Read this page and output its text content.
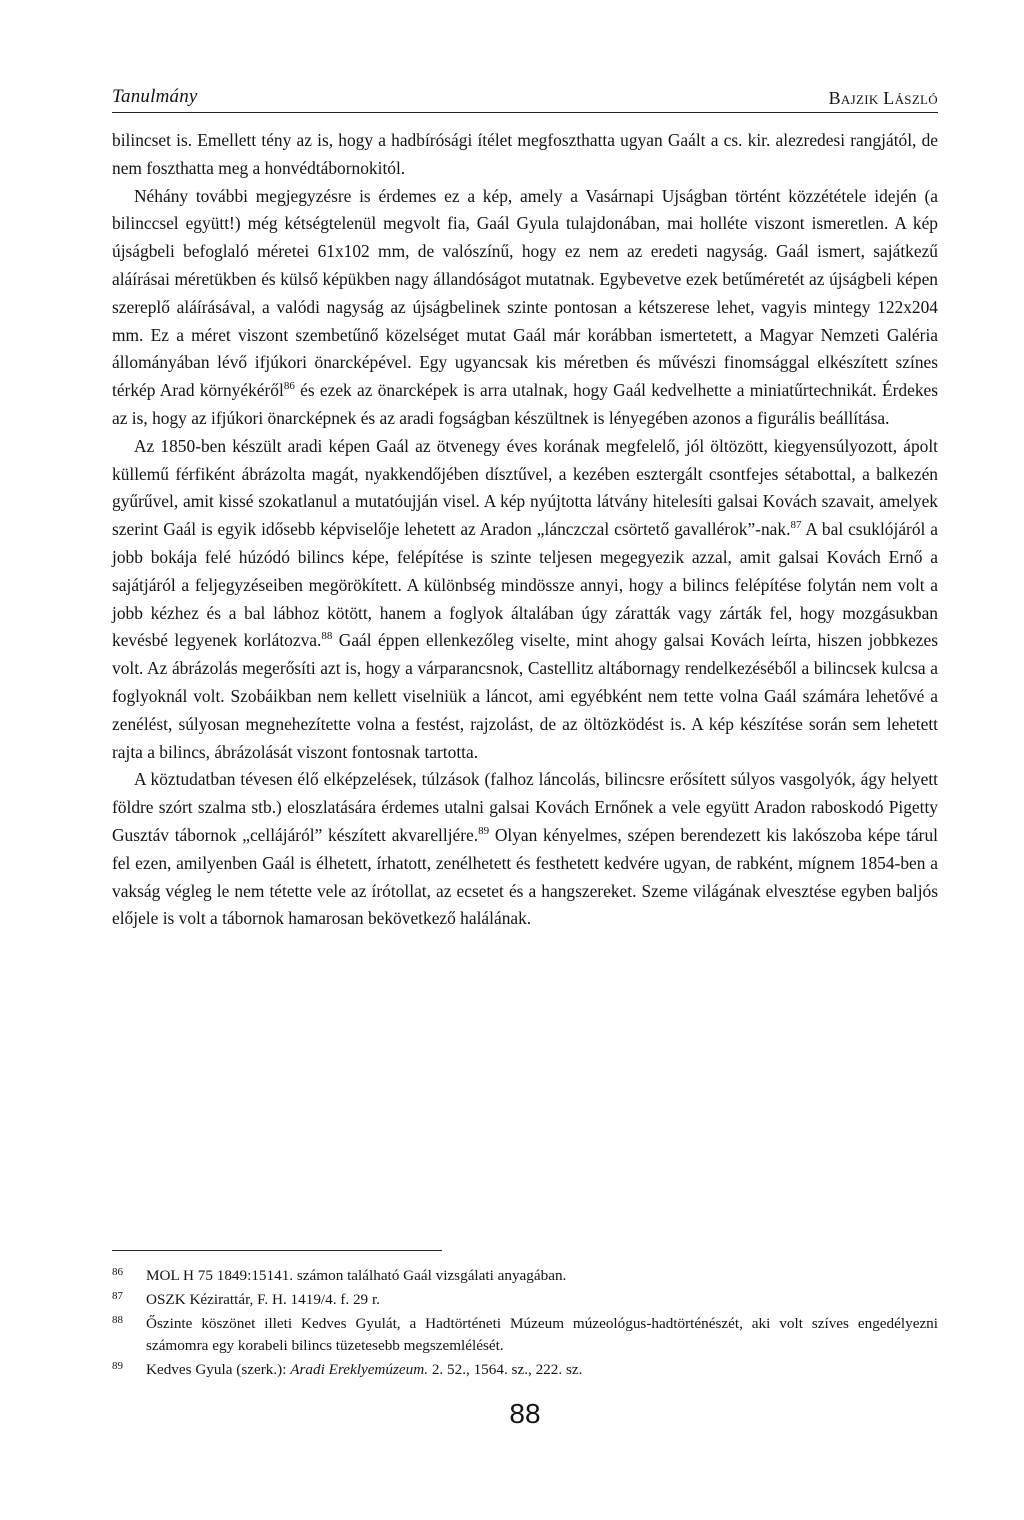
Tanulmány	Bajzik László

bilincset is. Emellett tény az is, hogy a hadbírósági ítélet megfoszthatta ugyan Gaált a cs. kir. alezredesi rangjától, de nem foszthatta meg a honvédtábornokitól.

Néhány további megjegyzésre is érdemes ez a kép, amely a Vasárnapi Ujságban történt közzététele idején (a bilinccsel együtt!) még kétségtelenül megvolt fia, Gaál Gyula tulajdonában, mai holléte viszont ismeretlen. A kép újságbeli befoglaló méretei 61x102 mm, de valószínű, hogy ez nem az eredeti nagyság. Gaál ismert, sajátkezű aláírásai méretükben és külső képükben nagy állandóságot mutatnak. Egybevetve ezek betűméretét az újságbeli képen szereplő aláírásával, a valódi nagyság az újságbelinek szinte pontosan a kétszerese lehet, vagyis mintegy 122x204 mm. Ez a méret viszont szembetűnő közelséget mutat Gaál már korábban ismertetett, a Magyar Nemzeti Galéria állományában lévő ifjúkori önarcképével. Egy ugyancsak kis méretben és művészi finomsággal elkészített színes térkép Arad környékéről$^{86}$ és ezek az önarcképek is arra utalnak, hogy Gaál kedvelhette a miniatűrtechnikát. Érdekes az is, hogy az ifjúkori önarcképnek és az aradi fogságban készültnek is lényegében azonos a figurális beállítása.

Az 1850-ben készült aradi képen Gaál az ötvenegy éves korának megfelelő, jól öltözött, kiegyensúlyozott, ápolt küllemű férfiként ábrázolta magát, nyakkendőjében dísztűvel, a kezében esztergált csontfejes sétabottal, a balkezén gyűrűvel, amit kissé szokatlanul a mutatóujján visel. A kép nyújtotta látvány hitelesíti galsai Kovách szavait, amelyek szerint Gaál is egyik idősebb képviselője lehetett az Aradon „lánczczal csörtető gavallérok”-nak.$^{87}$ A bal csuklójáról a jobb bokája felé húzódó bilincs képe, felépítése is szinte teljesen megegyezik azzal, amit galsai Kovách Ernő a sajátjáról a feljegyzéseiben megörökített. A különbség mindössze annyi, hogy a bilincs felépítése folytán nem volt a jobb kézhez és a bal lábhoz kötött, hanem a foglyok általában úgy záratták vagy zárták fel, hogy mozgásukban kevésbé legyenek korlátozva.$^{88}$ Gaál éppen ellenkezőleg viselte, mint ahogy galsai Kovách leírta, hiszen jobbkezes volt. Az ábrázolás megerősíti azt is, hogy a várparancsnok, Castellitz altábornagy rendelkezéséből a bilincsek kulcsa a foglyoknál volt. Szobáikban nem kellett viselniük a láncot, ami egyébként nem tette volna Gaál számára lehetővé a zenélést, súlyosan megnehezítette volna a festést, rajzolást, de az öltözködést is. A kép készítése során sem lehetett rajta a bilincs, ábrázolását viszont fontosnak tartotta.

A köztudatban tévesen élő elképzelések, túlzások (falhoz láncolás, bilincsre erősített súlyos vasgolyók, ágy helyett földre szórt szalma stb.) eloszlatására érdemes utalni galsai Kovách Ernőnek a vele együtt Aradon raboskodó Pigetty Gusztáv tábornok „cellájáról” készített akvarelljére.$^{89}$ Olyan kényelmes, szépen berendezett kis lakószoba képe tárul fel ezen, amilyenben Gaál is élhetett, írhatott, zenélhetett és festhetett kedvére ugyan, de rabként, mígnem 1854-ben a vakság végleg le nem tétette vele az írótollat, az ecsetet és a hangszereket. Szeme világának elvesztése egyben baljós előjele is volt a tábornok hamarosan bekövetkező halálának.

86 MOL H 75 1849:15141. számon található Gaál vizsgálati anyagában.
87 OSZK Kézirattár, F. H. 1419/4. f. 29 r.
88 Őszinte köszönet illeti Kedves Gyulát, a Hadtörténeti Múzeum múzeológus-hadtörténészét, aki volt szíves engedélyezni számomra egy korabeli bilincs tüzetesebb megszemlélését.
89 Kedves Gyula (szerk.): Aradi Ereklyemúzeum. 2. 52., 1564. sz., 222. sz.
88
